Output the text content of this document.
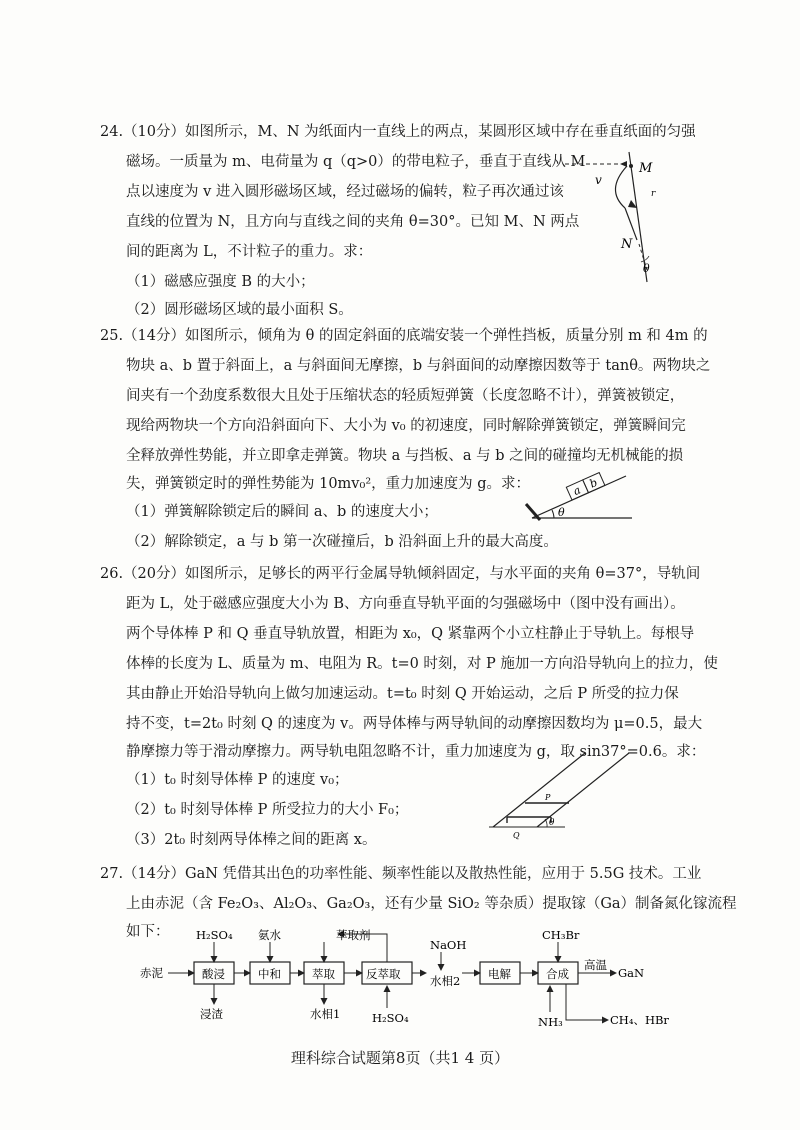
24.（10分）如图所示，M、N 为纸面内一直线上的两点，某圆形区域中存在垂直纸面的匀强
磁场。一质量为 m、电荷量为 q（q>0）的带电粒子，垂直于直线从 M
点以速度为 v 进入圆形磁场区域，经过磁场的偏转，粒子再次通过该
直线的位置为 N，且方向与直线之间的夹角 θ=30°。已知 M、N 两点
间的距离为 L，不计粒子的重力。求：
（1）磁感应强度 B 的大小；
（2）圆形磁场区域的最小面积 S。
M
v
N
r
θ
25.（14分）如图所示，倾角为 θ 的固定斜面的底端安装一个弹性挡板，质量分别 m 和 4m 的
物块 a、b 置于斜面上，a 与斜面间无摩擦，b 与斜面间的动摩擦因数等于 tanθ。两物块之
间夹有一个劲度系数很大且处于压缩状态的轻质短弹簧（长度忽略不计），弹簧被锁定，
现给两物块一个方向沿斜面向下、大小为 v₀ 的初速度，同时解除弹簧锁定，弹簧瞬间完
全释放弹性势能，并立即拿走弹簧。物块 a 与挡板、a 与 b 之间的碰撞均无机械能的损
失，弹簧锁定时的弹性势能为 10mv₀²，重力加速度为 g。求：
（1）弹簧解除锁定后的瞬间 a、b 的速度大小；
（2）解除锁定，a 与 b 第一次碰撞后，b 沿斜面上升的最大高度。
a
b
θ
26.（20分）如图所示，足够长的两平行金属导轨倾斜固定，与水平面的夹角 θ=37°，导轨间
距为 L，处于磁感应强度大小为 B、方向垂直导轨平面的匀强磁场中（图中没有画出）。
两个导体棒 P 和 Q 垂直导轨放置，相距为 x₀，Q 紧靠两个小立柱静止于导轨上。每根导
体棒的长度为 L、质量为 m、电阻为 R。t=0 时刻，对 P 施加一方向沿导轨向上的拉力，使
其由静止开始沿导轨向上做匀加速运动。t=t₀ 时刻 Q 开始运动，之后 P 所受的拉力保
持不变，t=2t₀ 时刻 Q 的速度为 v。两导体棒与两导轨间的动摩擦因数均为 μ=0.5，最大
静摩擦力等于滑动摩擦力。两导轨电阻忽略不计，重力加速度为 g，取 sin37°=0.6。求：
（1）t₀ 时刻导体棒 P 的速度 v₀；
（2）t₀ 时刻导体棒 P 所受拉力的大小 F₀；
（3）2t₀ 时刻两导体棒之间的距离 x。
P
Q
θ
27.（14分）GaN 凭借其出色的功率性能、频率性能以及散热性能，应用于 5.5G 技术。工业
上由赤泥（含 Fe₂O₃、Al₂O₃、Ga₂O₃，还有少量 SiO₂ 等杂质）提取镓（Ga）制备氮化镓流程
如下：
赤泥	酸浸	中和	萃取	反萃取	电解	合成
H₂SO₄ 氨水	萃取剂
NaOH
CH₃Br
浸渣	水相1	H₂SO₄
水相2
高温
GaN
NH₃	CH₄、HBr
理科综合试题第8页（共1 4 页）
